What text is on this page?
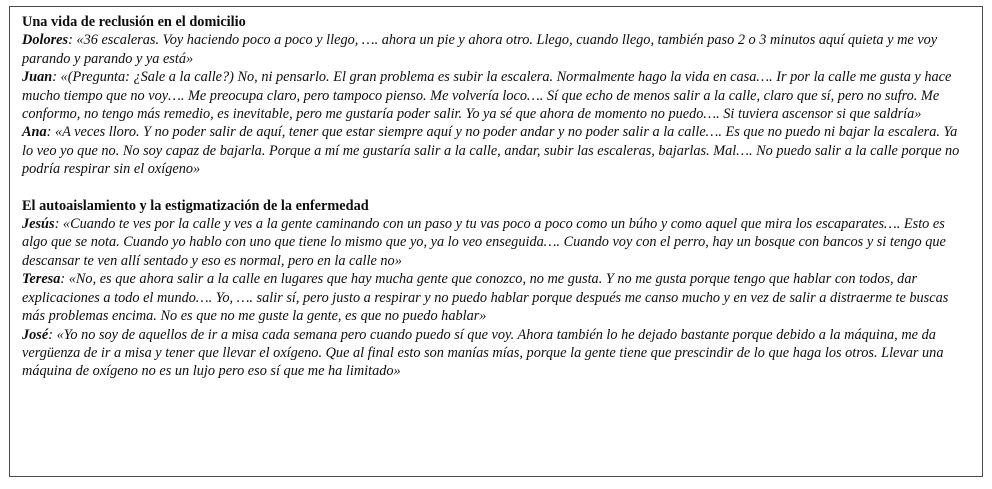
Una vida de reclusión en el domicilio

Dolores: «36 escaleras. Voy haciendo poco a poco y llego, …. ahora un pie y ahora otro. Llego, cuando llego, también paso 2 o 3 minutos aquí quieta y me voy parando y parando y ya está»

Juan: «(Pregunta: ¿Sale a la calle?) No, ni pensarlo. El gran problema es subir la escalera. Normalmente hago la vida en casa…. Ir por la calle me gusta y hace mucho tiempo que no voy…. Me preocupa claro, pero tampoco pienso. Me volvería loco…. Sí que echo de menos salir a la calle, claro que sí, pero no sufro. Me conformo, no tengo más remedio, es inevitable, pero me gustaría poder salir. Yo ya sé que ahora de momento no puedo…. Si tuviera ascensor si que saldría»

Ana: «A veces lloro. Y no poder salir de aquí, tener que estar siempre aquí y no poder andar y no poder salir a la calle…. Es que no puedo ni bajar la escalera. Ya lo veo yo que no. No soy capaz de bajarla. Porque a mí me gustaría salir a la calle, andar, subir las escaleras, bajarlas. Mal…. No puedo salir a la calle porque no podría respirar sin el oxígeno»

El autoaislamiento y la estigmatización de la enfermedad

Jesús: «Cuando te ves por la calle y ves a la gente caminando con un paso y tu vas poco a poco como un búho y como aquel que mira los escaparates…. Esto es algo que se nota. Cuando yo hablo con uno que tiene lo mismo que yo, ya lo veo enseguida…. Cuando voy con el perro, hay un bosque con bancos y si tengo que descansar te ven allí sentado y eso es normal, pero en la calle no»

Teresa: «No, es que ahora salir a la calle en lugares que hay mucha gente que conozco, no me gusta. Y no me gusta porque tengo que hablar con todos, dar explicaciones a todo el mundo…. Yo, …. salir sí, pero justo a respirar y no puedo hablar porque después me canso mucho y en vez de salir a distraerme te buscas más problemas encima. No es que no me guste la gente, es que no puedo hablar»

José: «Yo no soy de aquellos de ir a misa cada semana pero cuando puedo sí que voy. Ahora también lo he dejado bastante porque debido a la máquina, me da vergüenza de ir a misa y tener que llevar el oxígeno. Que al final esto son manías mías, porque la gente tiene que prescindir de lo que haga los otros. Llevar una máquina de oxígeno no es un lujo pero eso sí que me ha limitado»
